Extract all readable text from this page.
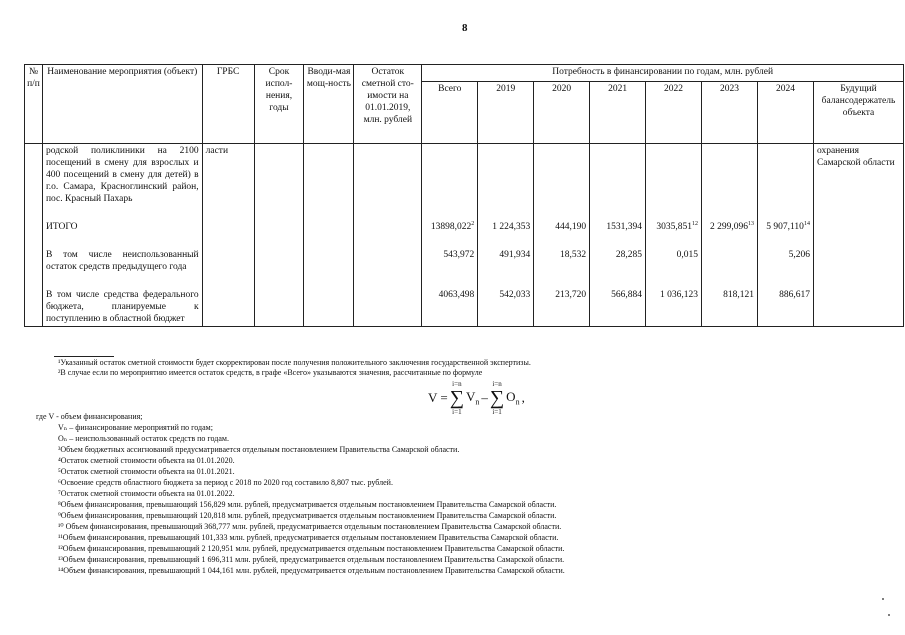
8
№ п/п	Наименование мероприятия (объект)	ГРБС	Срок испол-нения, годы	Вводи-мая мощ-ность	Остаток сметной сто-имости на 01.01.2019, млн. рублей	Потребность в финансировании по годам, млн. рублей							
						Всего	2019	2020	2021	2022	2023	2024	Будущий балансодержатель объекта
	родской поликлиники на 2100 посещений в смену для взрослых и 400 посещений в смену для детей) в г.о. Самара, Красноглинский район, пос. Красный Пахарь	ласти											охранения Самарской области

	ИТОГО					13898,022$^2$	1 224,353	444,190	1531,394	3035,851$^{12}$	2 299,096$^{13}$	5 907,110$^{14}$	

	В том числе неиспользованный остаток средств предыдущего года					543,972	491,934	18,532	28,285	0,015		5,206	

	В том числе средства федерального бюджета, планируемые к поступлению в областной бюджет					4063,498	542,033	213,720	566,884	1 036,123	818,121	886,617	
¹Указанный остаток сметной стоимости будет скорректирован после получения положительного заключения государственной экспертизы.
²В случае если по мероприятию имеется остаток средств, в графе «Всего» указываются значения, рассчитанные по формуле
где V - объем финансирования;
Vₙ – финансирование мероприятий по годам;
Oₙ – неиспользованный остаток средств по годам.
³Объем бюджетных ассигнований предусматривается отдельным постановлением Правительства Самарской области.
⁴Остаток сметной стоимости объекта на 01.01.2020.
⁵Остаток сметной стоимости объекта на 01.01.2021.
⁶Освоение средств областного бюджета за период с 2018 по 2020 год составило 8,807 тыс. рублей.
⁷Остаток сметной стоимости объекта на 01.01.2022.
⁸Объем финансирования, превышающий 156,829 млн. рублей, предусматривается отдельным постановлением Правительства Самарской области.
⁹Объем финансирования, превышающий 120,818 млн. рублей, предусматривается отдельным постановлением Правительства Самарской области.
¹⁰ Объем финансирования, превышающий 368,777 млн. рублей, предусматривается отдельным постановлением Правительства Самарской области.
¹¹Объем финансирования, превышающий 101,333 млн. рублей, предусматривается отдельным постановлением Правительства Самарской области.
¹²Объем финансирования, превышающий 2 120,951 млн. рублей, предусматривается отдельным постановлением Правительства Самарской области.
¹³Объем финансирования, превышающий 1 696,311 млн. рублей, предусматривается отдельным постановлением Правительства Самарской области.
¹⁴Объем финансирования, превышающий 1 044,161 млн. рублей, предусматривается отдельным постановлением Правительства Самарской области.
V =
i=n
∑
i=1
$V_n$ –
i=n
∑
i=1
$O_n$ ,
